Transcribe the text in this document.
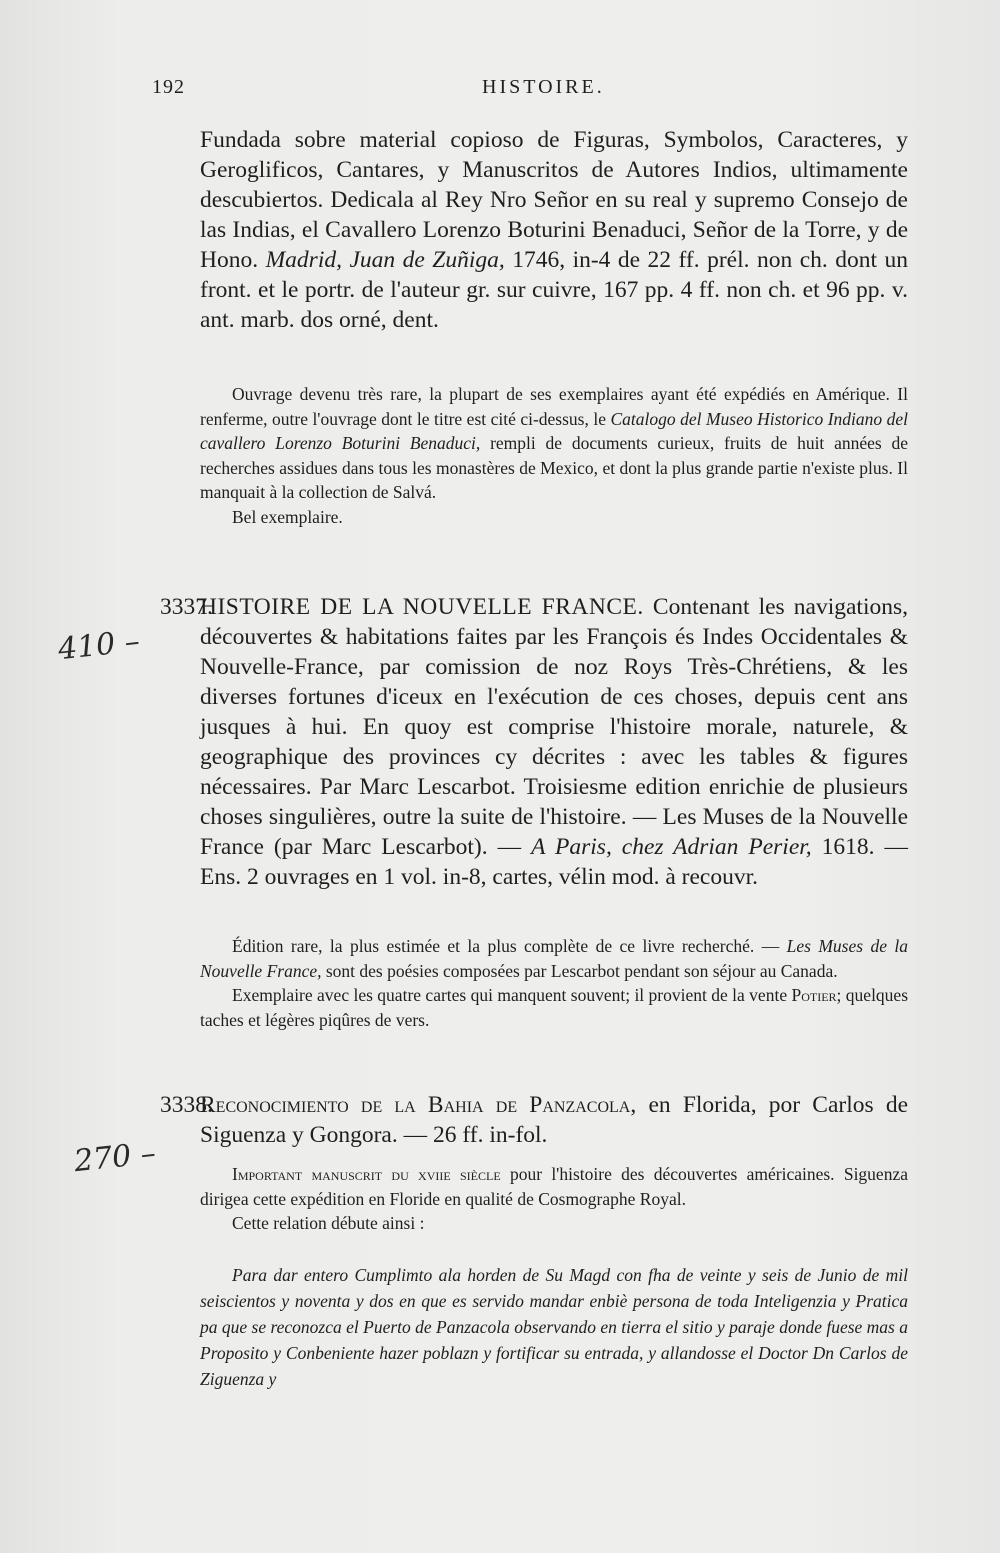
192	HISTOIRE.
Fundada sobre material copioso de Figuras, Symbolos, Caracteres, y Geroglificos, Cantares, y Manuscritos de Autores Indios, ultimamente descubiertos. Dedicala al Rey Nro Señor en su real y supremo Consejo de las Indias, el Cavallero Lorenzo Boturini Benaduci, Señor de la Torre, y de Hono. Madrid, Juan de Zuñiga, 1746, in-4 de 22 ff. prél. non ch. dont un front. et le portr. de l'auteur gr. sur cuivre, 167 pp. 4 ff. non ch. et 96 pp. v. ant. marb. dos orné, dent.
Ouvrage devenu très rare, la plupart de ses exemplaires ayant été expédiés en Amérique. Il renferme, outre l'ouvrage dont le titre est cité ci-dessus, le Catalogo del Museo Historico Indiano del cavallero Lorenzo Boturini Benaduci, rempli de documents curieux, fruits de huit années de recherches assidues dans tous les monastères de Mexico, et dont la plus grande partie n'existe plus. Il manquait à la collection de Salvá.
Bel exemplaire.
410 –
3337.
HISTOIRE DE LA NOUVELLE FRANCE. Contenant les navigations, découvertes & habitations faites par les François és Indes Occidentales & Nouvelle-France, par comission de noz Roys Très-Chrétiens, & les diverses fortunes d'iceux en l'exécution de ces choses, depuis cent ans jusques à hui. En quoy est comprise l'histoire morale, naturele, & geographique des provinces cy décrites : avec les tables & figures nécessaires. Par Marc Lescarbot. Troisiesme edition enrichie de plusieurs choses singulières, outre la suite de l'histoire. — Les Muses de la Nouvelle France (par Marc Lescarbot). — A Paris, chez Adrian Perier, 1618. — Ens. 2 ouvrages en 1 vol. in-8, cartes, vélin mod. à recouvr.
Édition rare, la plus estimée et la plus complète de ce livre recherché. — Les Muses de la Nouvelle France, sont des poésies composées par Lescarbot pendant son séjour au Canada.
Exemplaire avec les quatre cartes qui manquent souvent; il provient de la vente Potier; quelques taches et légères piqûres de vers.
270 –
3338.
Reconocimiento de la Bahia de Panzacola, en Florida, por Carlos de Siguenza y Gongora. — 26 ff. in-fol.
Important manuscrit du xviie siècle pour l'histoire des découvertes américaines. Siguenza dirigea cette expédition en Floride en qualité de Cosmographe Royal.
Cette relation débute ainsi :
Para dar entero Cumplimto ala horden de Su Magd con fha de veinte y seis de Junio de mil seiscientos y noventa y dos en que es servido mandar enbiè persona de toda Inteligenzia y Pratica pa que se reconozca el Puerto de Panzacola observando en tierra el sitio y paraje donde fuese mas a Proposito y Conbeniente hazer poblazn y fortificar su entrada, y allandosse el Doctor Dn Carlos de Ziguenza y
